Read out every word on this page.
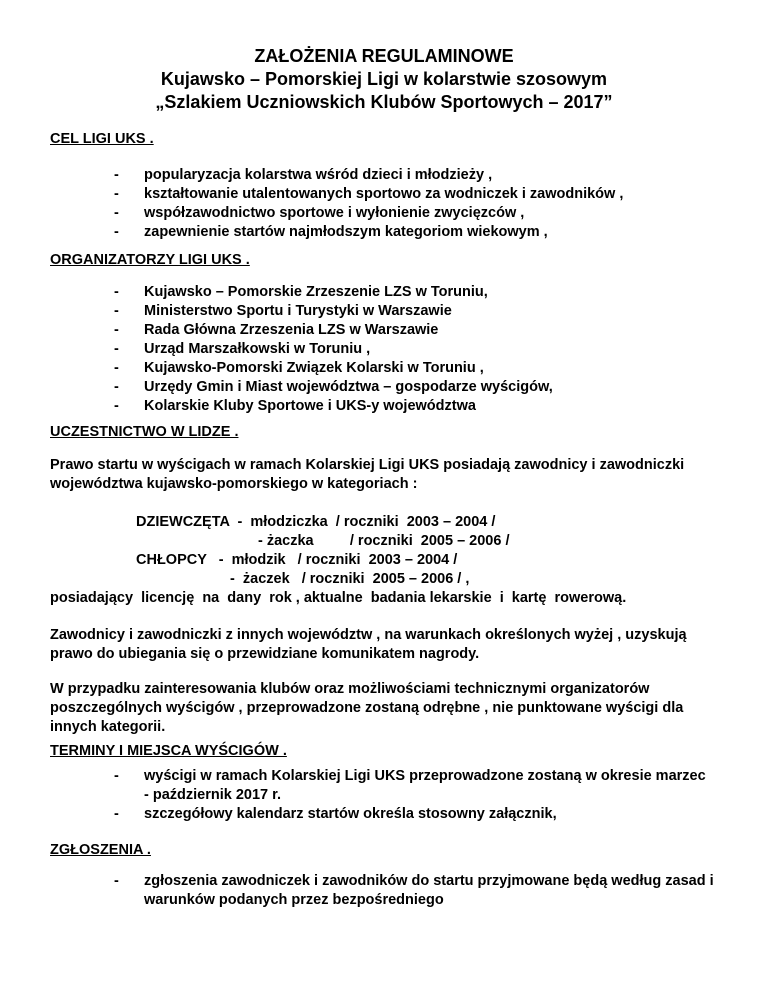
ZAŁOŻENIA REGULAMINOWE
Kujawsko – Pomorskiej Ligi w kolarstwie szosowym
„Szlakiem Uczniowskich Klubów Sportowych – 2017”
CEL LIGI UKS .
- popularyzacja kolarstwa wśród dzieci i młodzieży ,
- kształtowanie utalentowanych sportowo za wodniczek i zawodników ,
- współzawodnictwo sportowe i wyłonienie zwycięzców ,
- zapewnienie startów najmłodszym kategoriom wiekowym ,
ORGANIZATORZY LIGI UKS .
- Kujawsko – Pomorskie Zrzeszenie LZS w Toruniu,
- Ministerstwo Sportu i Turystyki w Warszawie
- Rada Główna Zrzeszenia LZS w Warszawie
- Urząd Marszałkowski w Toruniu ,
- Kujawsko-Pomorski Związek Kolarski w Toruniu ,
- Urzędy Gmin i Miast województwa – gospodarze wyścigów,
- Kolarskie Kluby Sportowe i UKS-y województwa
UCZESTNICTWO W LIDZE .
Prawo startu w wyścigach w ramach Kolarskiej Ligi UKS posiadają zawodnicy i zawodniczki województwa kujawsko-pomorskiego w kategoriach :
DZIEWCZĘTA  -  młodziczka  / roczniki  2003 – 2004 /
- żaczka         / roczniki  2005 – 2006 /
CHŁOPCY   -  młodzik   / roczniki  2003 – 2004 /
-  żaczek   / roczniki  2005 – 2006 / ,
posiadający  licencję  na  dany  rok , aktualne  badania lekarskie  i  kartę  rowerową.
Zawodnicy i zawodniczki z innych województw , na warunkach określonych wyżej , uzyskują prawo do ubiegania się o przewidziane komunikatem nagrody.
W przypadku zainteresowania klubów oraz możliwościami technicznymi organizatorów poszczególnych wyścigów , przeprowadzone zostaną odrębne , nie punktowane wyścigi dla innych kategorii.
TERMINY I MIEJSCA WYŚCIGÓW .
- wyścigi w ramach Kolarskiej Ligi UKS przeprowadzone zostaną w okresie marzec - październik 2017 r.
- szczegółowy kalendarz startów określa stosowny załącznik,
ZGŁOSZENIA .
- zgłoszenia zawodniczek i zawodników do startu przyjmowane będą według zasad i warunków podanych przez bezpośredniego
